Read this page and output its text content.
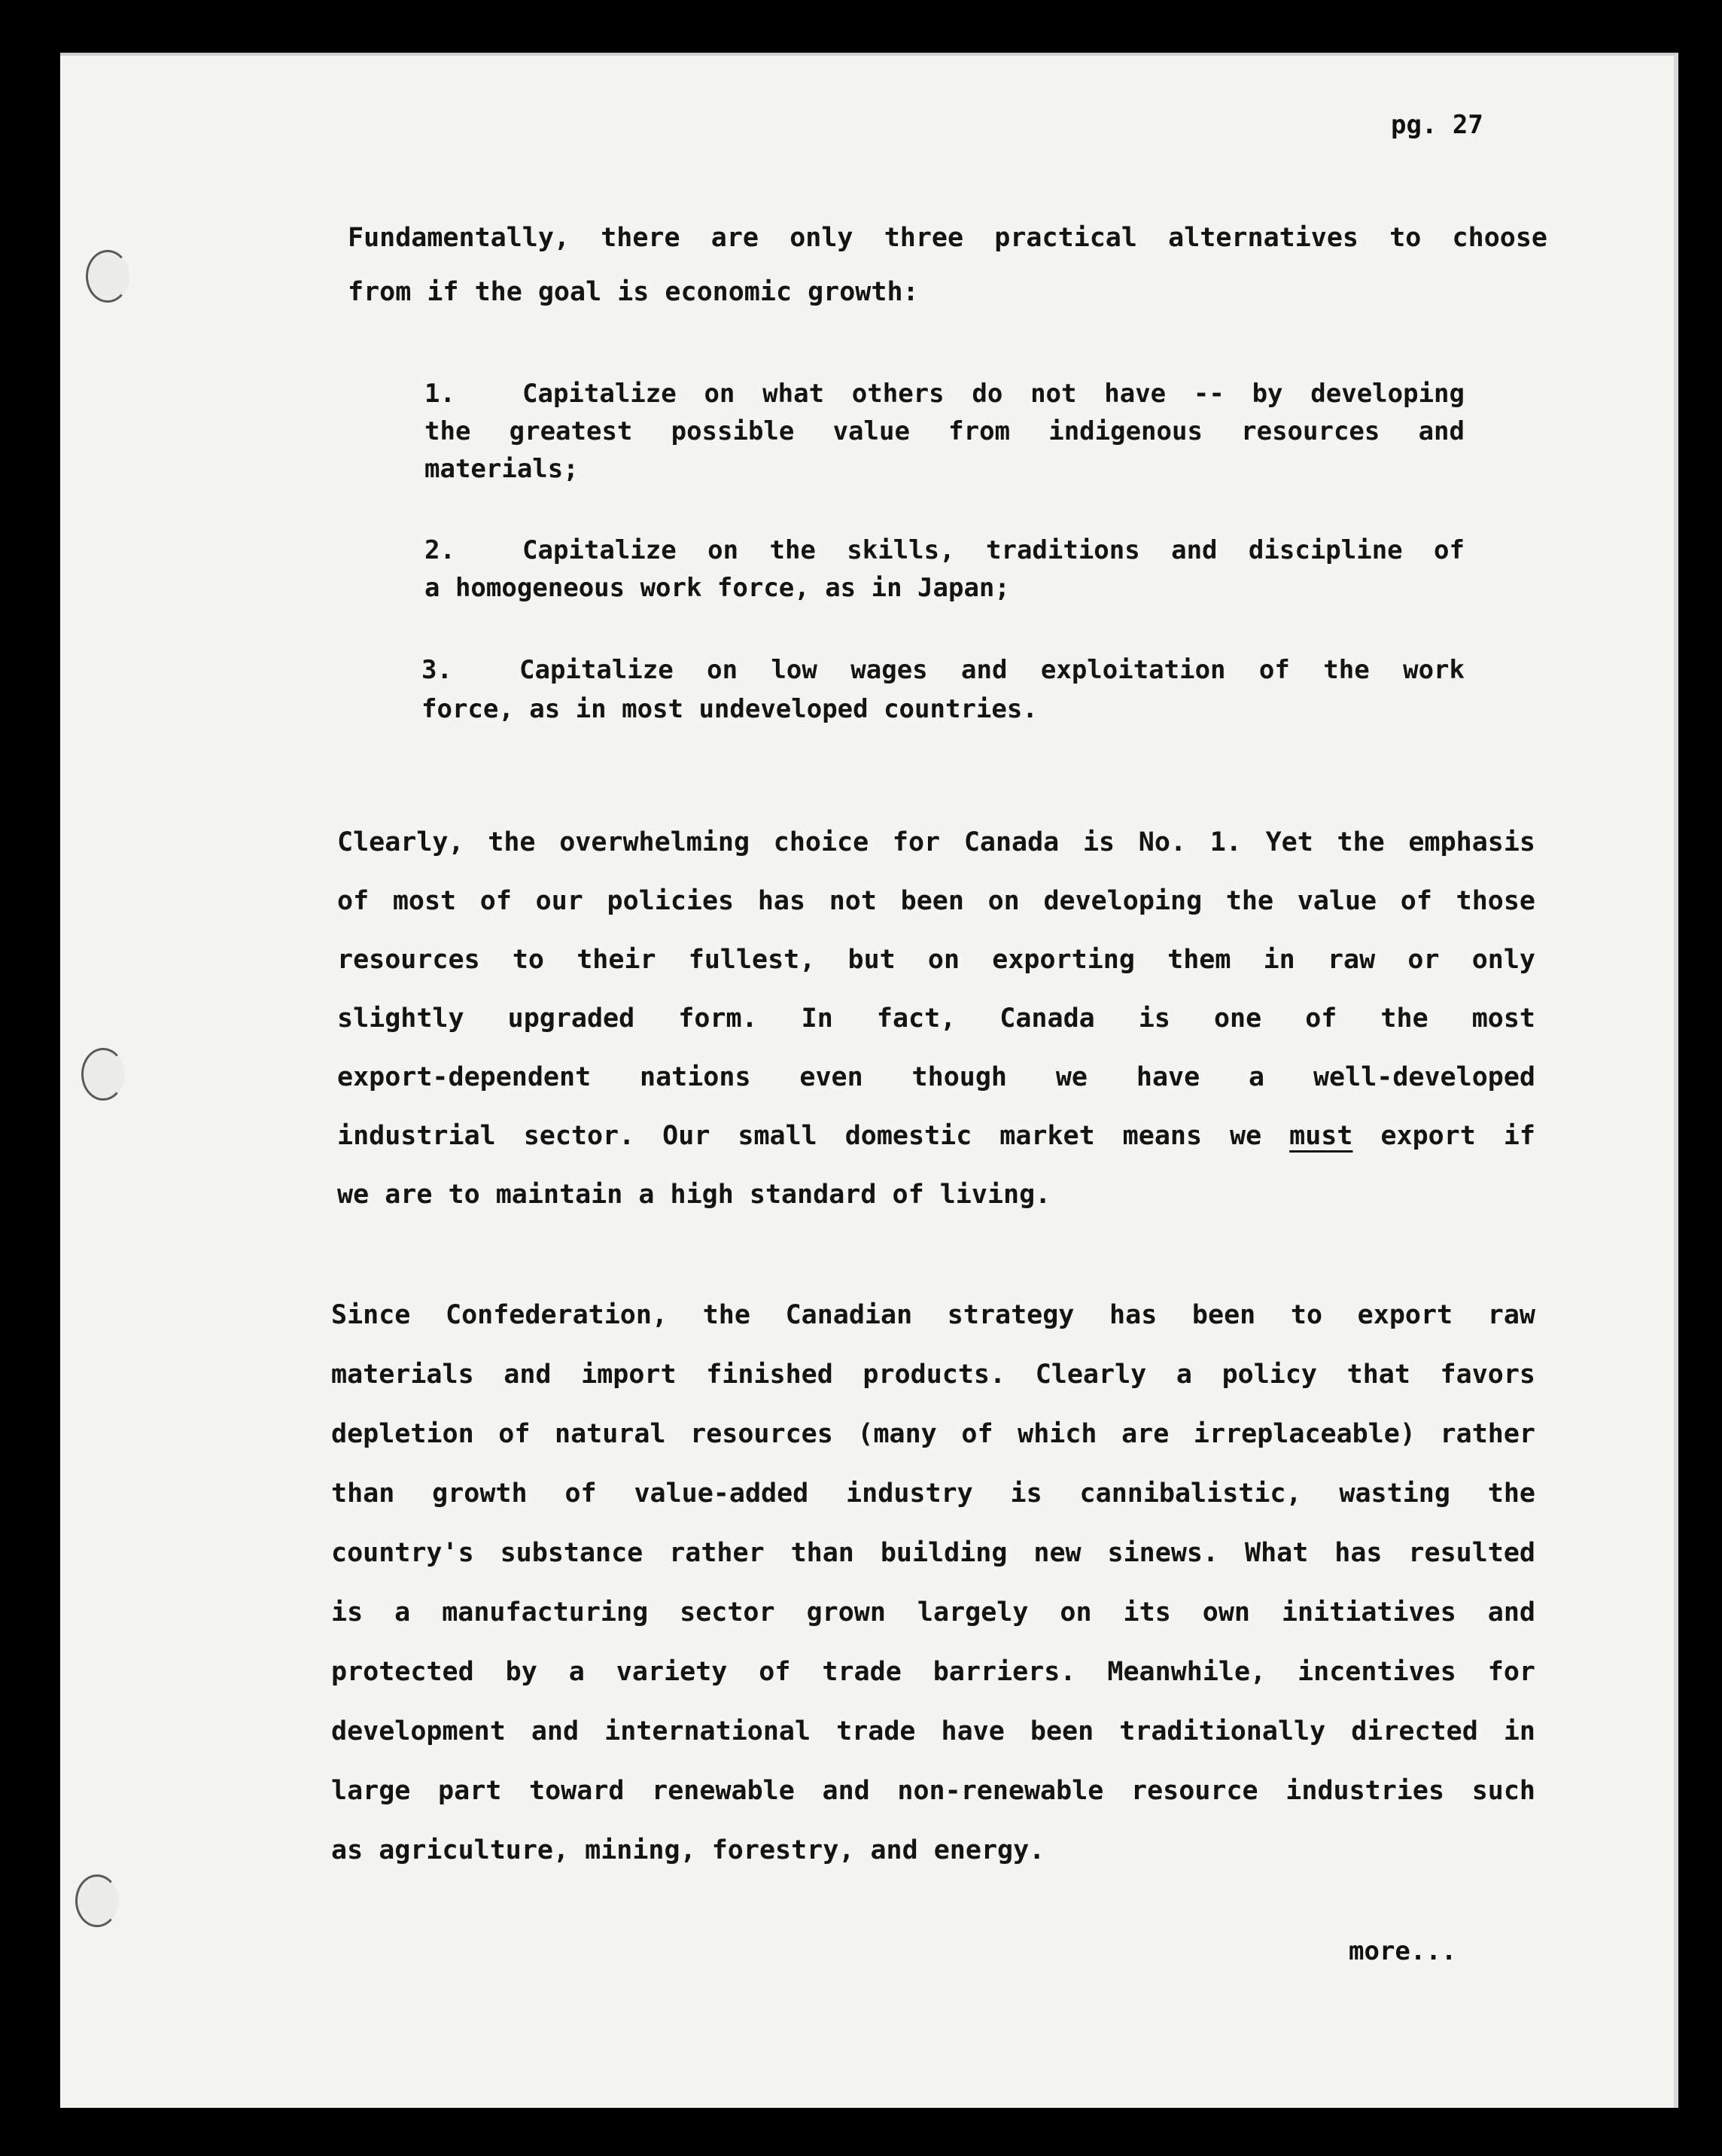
pg. 27
Fundamentally, there are only three practical alternatives to choose
from if the goal is economic growth:
1.	Capitalize on what others do not have -- by developing
the greatest possible value from indigenous resources and
materials;
2.	Capitalize on the skills, traditions and discipline of
a homogeneous work force, as in Japan;
3.	Capitalize on low wages and exploitation of the work
force, as in most undeveloped countries.
Clearly, the overwhelming choice for Canada is No. 1. Yet the emphasis
of most of our policies has not been on developing the value of those
resources to their fullest, but on exporting them in raw or only
slightly upgraded form. In fact, Canada is one of the most
export-dependent nations even though we have a well-developed
industrial sector. Our small domestic market means we must export if
we are to maintain a high standard of living.
Since Confederation, the Canadian strategy has been to export raw
materials and import finished products. Clearly a policy that favors
depletion of natural resources (many of which are irreplaceable) rather
than growth of value-added industry is cannibalistic, wasting the
country's substance rather than building new sinews. What has resulted
is a manufacturing sector grown largely on its own initiatives and
protected by a variety of trade barriers. Meanwhile, incentives for
development and international trade have been traditionally directed in
large part toward renewable and non-renewable resource industries such
as agriculture, mining, forestry, and energy.
more...
